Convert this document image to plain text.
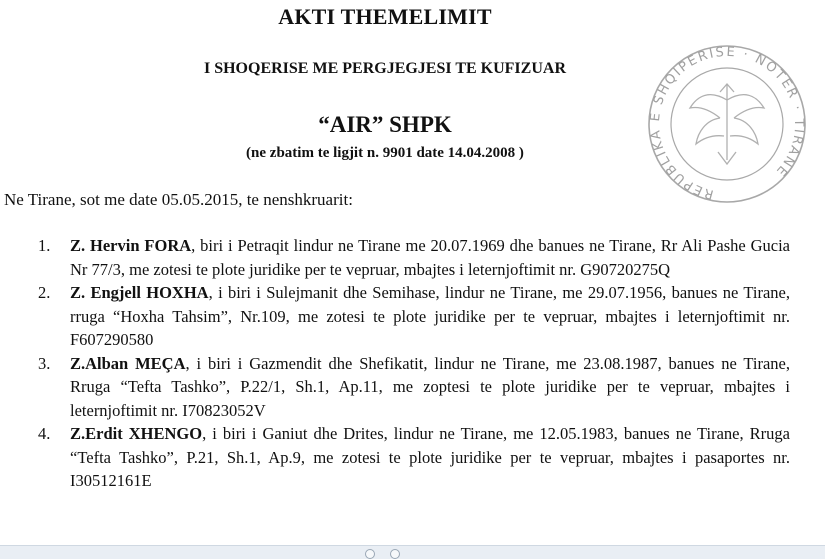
AKTI THEMELIMIT
I SHOQERISE ME PERGJEGJESI TE KUFIZUAR
“AIR” SHPK
(ne zbatim te ligjit n. 9901 date 14.04.2008 )
Ne Tirane, sot me date 05.05.2015, te nenshkruarit:
1. Z. Hervin FORA, biri i Petraqit lindur ne Tirane me 20.07.1969 dhe banues ne Tirane, Rr Ali Pashe Gucia Nr 77/3, me zotesi te plote juridike per te vepruar, mbajtes i leternjoftimit nr. G90720275Q
2. Z. Engjell HOXHA, i biri i Sulejmanit dhe Semihase, lindur ne Tirane, me 29.07.1956, banues ne Tirane, rruga “Hoxha Tahsim”, Nr.109, me zotesi te plote juridike per te vepruar, mbajtes i leternjoftimit nr. F607290580
3. Z.Alban MEÇA, i biri i Gazmendit dhe Shefikatit, lindur ne Tirane, me 23.08.1987, banues ne Tirane, Rruga “Tefta Tashko”, P.22/1, Sh.1, Ap.11, me zoptesi te plote juridike per te vepruar, mbajtes i leternjoftimit nr. I70823052V
4. Z.Erdit XHENGO, i biri i Ganiut dhe Drites, lindur ne Tirane, me 12.05.1983, banues ne Tirane, Rruga “Tefta Tashko”, P.21, Sh.1, Ap.9, me zotesi te plote juridike per te vepruar, mbajtes i pasaportes nr. I30512161E
REPUBLIKA E SHQIPERISE · NOTER · TIRANE
